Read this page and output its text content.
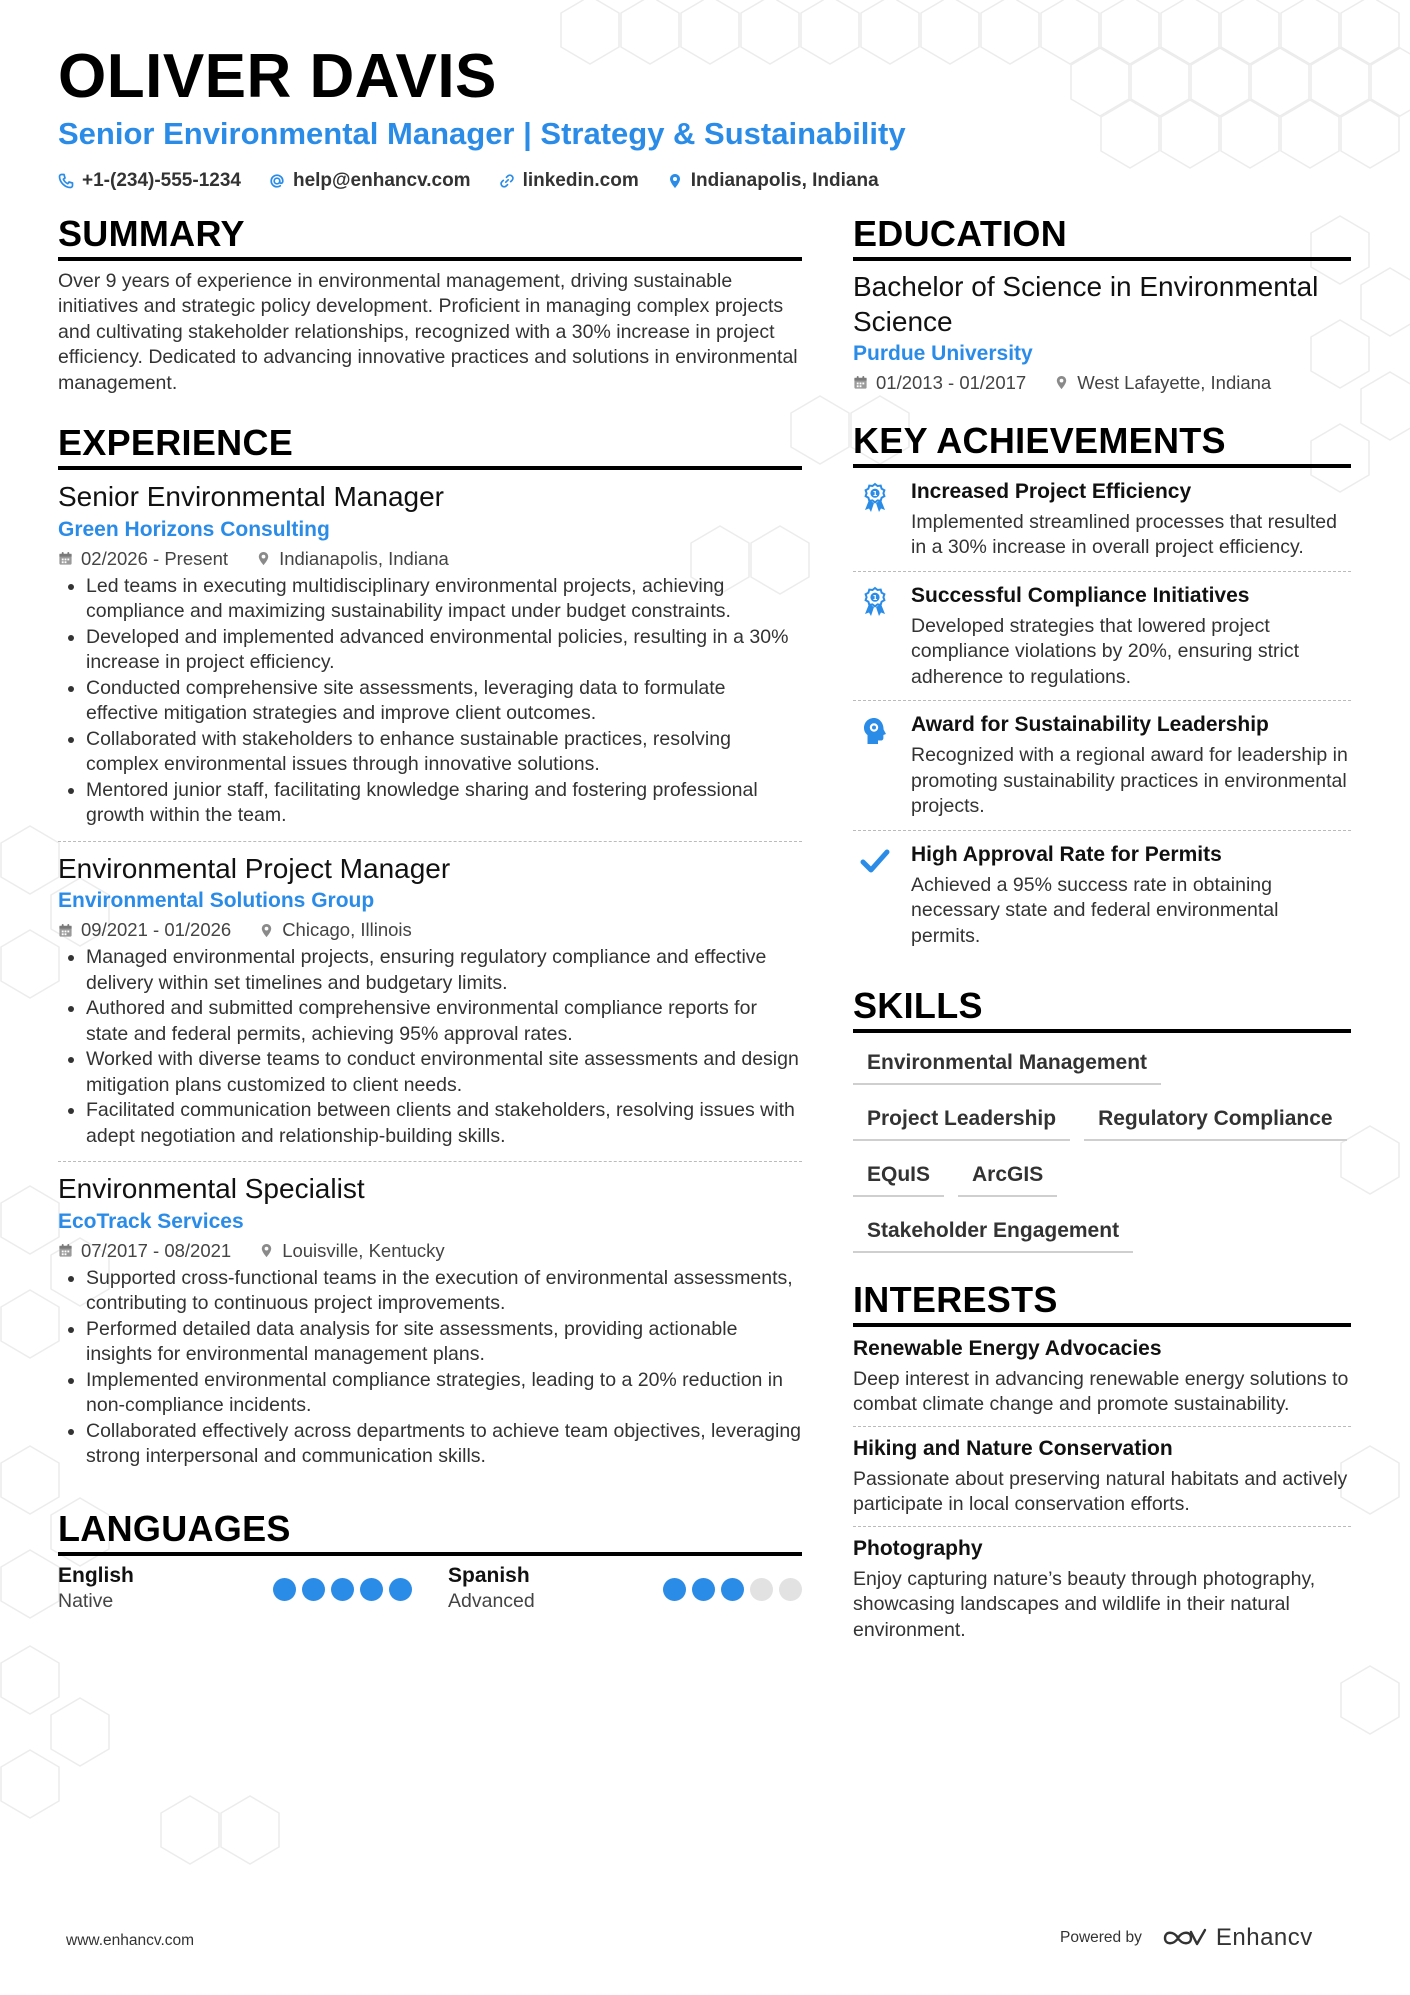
OLIVER DAVIS
Senior Environmental Manager | Strategy & Sustainability
+1-(234)-555-1234	help@enhancv.com	linkedin.com	Indianapolis, Indiana
SUMMARY

Over 9 years of experience in environmental management, driving sustainable initiatives and strategic policy development. Proficient in managing complex projects and cultivating stakeholder relationships, recognized with a 30% increase in project efficiency. Dedicated to advancing innovative practices and solutions in environmental management.

EXPERIENCE
Senior Environmental Manager
Green Horizons Consulting
02/2026 - Present	Indianapolis, Indiana
• Led teams in executing multidisciplinary environmental projects, achieving compliance and maximizing sustainability impact under budget constraints.
• Developed and implemented advanced environmental policies, resulting in a 30% increase in project efficiency.
• Conducted comprehensive site assessments, leveraging data to formulate effective mitigation strategies and improve client outcomes.
• Collaborated with stakeholders to enhance sustainable practices, resolving complex environmental issues through innovative solutions.
• Mentored junior staff, facilitating knowledge sharing and fostering professional growth within the team.
Environmental Project Manager
Environmental Solutions Group
09/2021 - 01/2026	Chicago, Illinois
• Managed environmental projects, ensuring regulatory compliance and effective delivery within set timelines and budgetary limits.
• Authored and submitted comprehensive environmental compliance reports for state and federal permits, achieving 95% approval rates.
• Worked with diverse teams to conduct environmental site assessments and design mitigation plans customized to client needs.
• Facilitated communication between clients and stakeholders, resolving issues with adept negotiation and relationship-building skills.
Environmental Specialist
EcoTrack Services
07/2017 - 08/2021	Louisville, Kentucky
• Supported cross-functional teams in the execution of environmental assessments, contributing to continuous project improvements.
• Performed detailed data analysis for site assessments, providing actionable insights for environmental management plans.
• Implemented environmental compliance strategies, leading to a 20% reduction in non-compliance incidents.
• Collaborated effectively across departments to achieve team objectives, leveraging strong interpersonal and communication skills.
LANGUAGES
English
Native
Spanish
Advanced
EDUCATION
Bachelor of Science in Environmental Science
Purdue University
01/2013 - 01/2017	West Lafayette, Indiana
KEY ACHIEVEMENTS
1 Increased Project Efficiency
Implemented streamlined processes that resulted in a 30% increase in overall project efficiency.
1 Successful Compliance Initiatives
Developed strategies that lowered project compliance violations by 20%, ensuring strict adherence to regulations.
Award for Sustainability Leadership
Recognized with a regional award for leadership in promoting sustainability practices in environmental projects.
High Approval Rate for Permits
Achieved a 95% success rate in obtaining necessary state and federal environmental permits.
SKILLS
Environmental Management
Project Leadership	Regulatory Compliance
EQuIS	ArcGIS
Stakeholder Engagement
INTERESTS
Renewable Energy Advocacies
Deep interest in advancing renewable energy solutions to combat climate change and promote sustainability.
Hiking and Nature Conservation
Passionate about preserving natural habitats and actively participate in local conservation efforts.
Photography
Enjoy capturing nature’s beauty through photography, showcasing landscapes and wildlife in their natural environment.
www.enhancv.com	Powered by	Enhancv
